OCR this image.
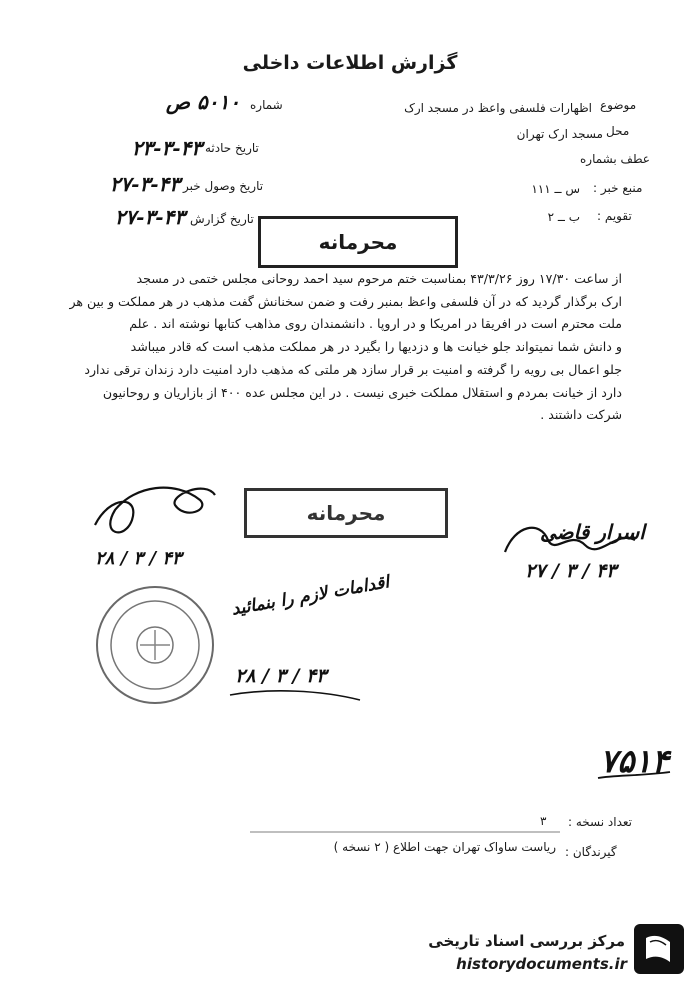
گزارش اطلاعات داخلی
شماره
۵۰۱۰ ص
تاریخ حادثه
۲۳-۳-۴۳
تاریخ وصول خبر
۲۷-۳-۴۳
تاریخ گزارش
۲۷-۳-۴۳
موضوع
اظهارات فلسفی واعظ در مسجد ارک
محل
مسجد ارک تهران
عطف بشماره
منبع خبر :
س ــ ۱۱۱
تقویم :
ب ــ ۲
محرمانه

از ساعت ۱۷/۳۰ روز ۴۳/۳/۲۶ بمناسبت ختم مرحوم سید احمد روحانی مجلس ختمی در مسجد

ارک برگذار گردید که در آن فلسفی واعظ بمنبر رفت و ضمن سخنانش گفت مذهب در هر مملکت و بین هر

ملت محترم است در افریقا در امریکا و در اروپا . دانشمندان روی مذاهب کتابها نوشته اند . علم

و دانش شما نمیتواند جلو خیانت ها و دزدیها را بگیرد در هر مملکت مذهب است که قادر میباشد

جلو اعمال بی رویه را گرفته و امنیت بر قرار سازد هر ملتی که مذهب دارد امنیت دارد زندان ترقی ندارد

دارد از خیانت بمردم و استقلال مملکت خبری نیست . در این مجلس عده ۴۰۰ از بازاریان و روحانیون

شرکت داشتند .

محرمانه
۲۸ / ۳ / ۴۳
اسرار قاضی
۲۷ / ۳ / ۴۳
اقدامات لازم را بنمائید
۲۸ / ۳ / ۴۳
۷۵۱۴
تعداد نسخه :
۳
گیرندگان :
ریاست ساواک تهران جهت اطلاع ( ۲ نسخه )
مرکز بررسی اسناد تاریخی
historydocuments.ir
